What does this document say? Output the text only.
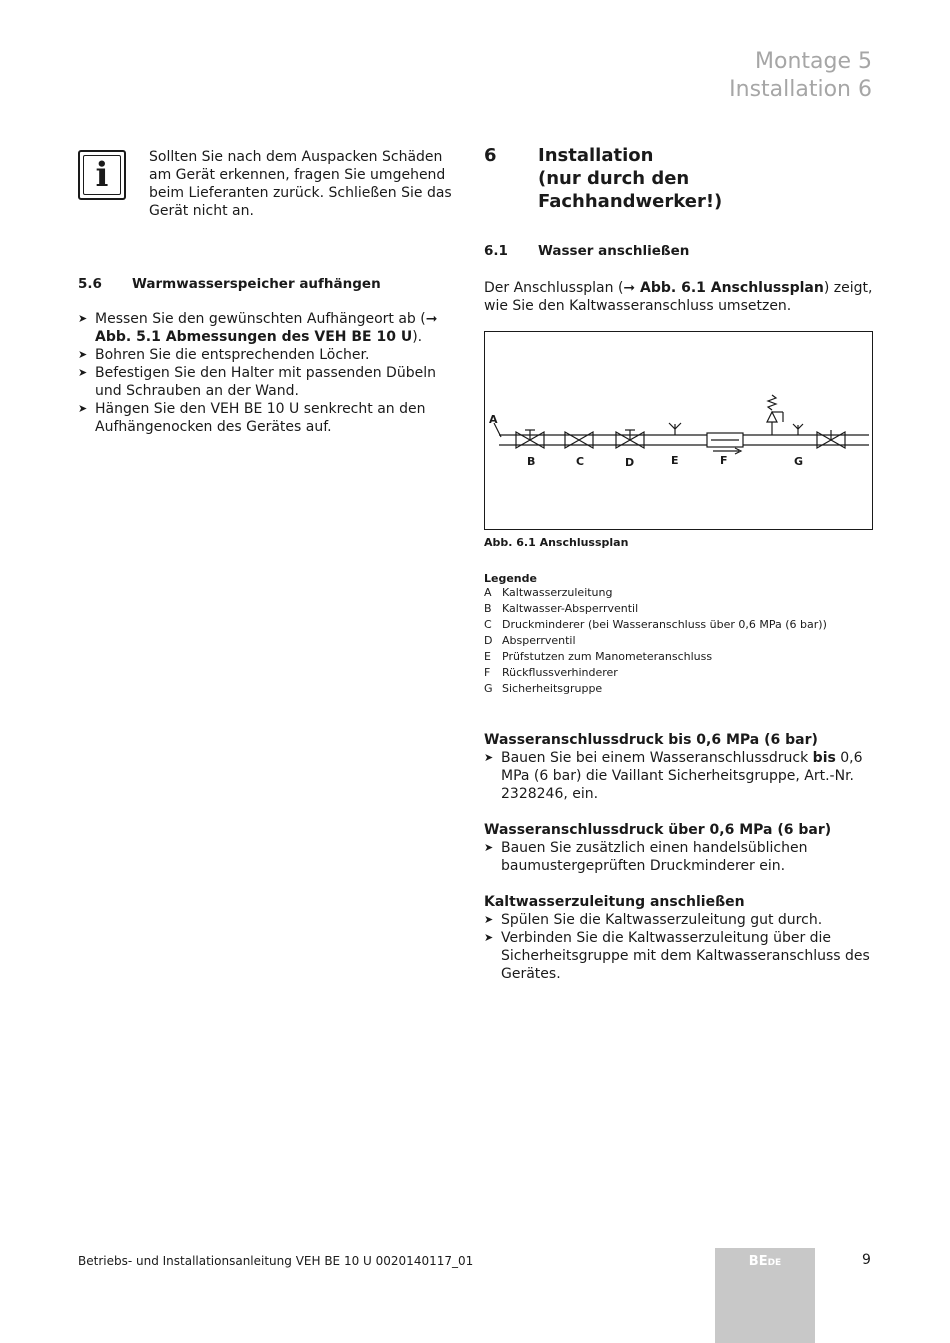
Montage 5
Installation 6
i	Sollten Sie nach dem Auspacken Schäden am Gerät erkennen, fragen Sie umgehend beim Lieferanten zurück. Schließen Sie das Gerät nicht an.
5.6	Warmwasserspeicher aufhängen
➤ Messen Sie den gewünschten Aufhängeort ab (➞ Abb. 5.1 Abmessungen des VEH BE 10 U).
➤ Bohren Sie die entsprechenden Löcher.
➤ Befestigen Sie den Halter mit passenden Dübeln und Schrauben an der Wand.
➤ Hängen Sie den VEH BE 10 U senkrecht an den Aufhängenocken des Gerätes auf.
6	Installation
(nur durch den Fachhandwerker!)
6.1	Wasser anschließen

Der Anschlussplan (➞ Abb. 6.1 Anschlussplan) zeigt, wie Sie den Kaltwasseranschluss umsetzen.

A
B	C	D	E	F	G
Abb. 6.1 Anschlussplan
Legende
A Kaltwasserzuleitung
B Kaltwasser-Absperrventil
C Druckminderer (bei Wasseranschluss über 0,6 MPa (6 bar))
D Absperrventil
E	Prüfstutzen zum Manometeranschluss
F	Rückflussverhinderer
G Sicherheitsgruppe
Wasseranschlussdruck bis 0,6 MPa (6 bar)
➤ Bauen Sie bei einem Wasseranschlussdruck bis 0,6 MPa (6 bar) die Vaillant Sicherheitsgruppe, Art.-Nr. 2328246, ein.
Wasseranschlussdruck über 0,6 MPa (6 bar)
➤ Bauen Sie zusätzlich einen handelsüblichen baumustergeprüften Druckminderer ein.
Kaltwasserzuleitung anschließen
➤ Spülen Sie die Kaltwasserzuleitung gut durch.
➤ Verbinden Sie die Kaltwasserzuleitung über die Sicherheitsgruppe mit dem Kaltwasseranschluss des Gerätes.
Betriebs- und Installationsanleitung VEH BE 10 U 0020140117_01	BEDE	9
